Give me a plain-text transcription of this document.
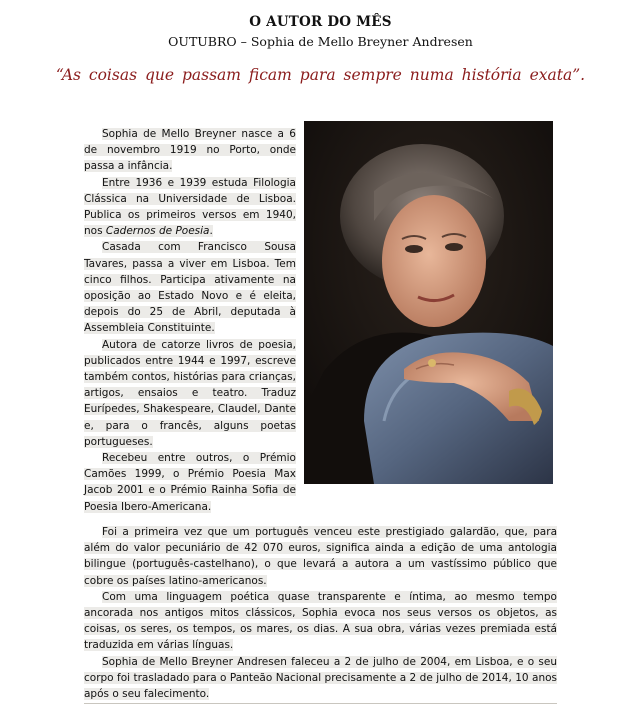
O AUTOR DO MÊS
OUTUBRO – Sophia de Mello Breyner Andresen
“As coisas que passam ficam para sempre numa história exata”.

Sophia de Mello Breyner nasce a 6 de novembro 1919 no Porto, onde passa a infância.

Entre 1936 e 1939 estuda Filologia Clássica na Universidade de Lisboa. Publica os primeiros versos em 1940, nos Cadernos de Poesia.

Casada com Francisco Sousa Tavares, passa a viver em Lisboa. Tem cinco filhos. Participa ativamente na oposição ao Estado Novo e é eleita, depois do 25 de Abril, deputada à Assembleia Constituinte.

Autora de catorze livros de poesia, publicados entre 1944 e 1997, escreve também contos, histórias para crianças, artigos, ensaios e teatro. Traduz Eurípedes, Shakespeare, Claudel, Dante e, para o francês, alguns poetas portugueses.

Recebeu entre outros, o Prémio Camões 1999, o Prémio Poesia Max Jacob 2001 e o Prémio Rainha Sofia de Poesia Ibero-Americana.

Foi a primeira vez que um português venceu este prestigiado galardão, que, para além do valor pecuniário de 42 070 euros, significa ainda a edição de uma antologia bilingue (português-castelhano), o que levará a autora a um vastíssimo público que cobre os países latino-americanos.

Com uma linguagem poética quase transparente e íntima, ao mesmo tempo ancorada nos antigos mitos clássicos, Sophia evoca nos seus versos os objetos, as coisas, os seres, os tempos, os mares, os dias. A sua obra, várias vezes premiada está traduzida em várias línguas.

Sophia de Mello Breyner Andresen faleceu a 2 de julho de 2004, em Lisboa, e o seu corpo foi trasladado para o Panteão Nacional precisamente a 2 de julho de 2014, 10 anos após o seu falecimento.
